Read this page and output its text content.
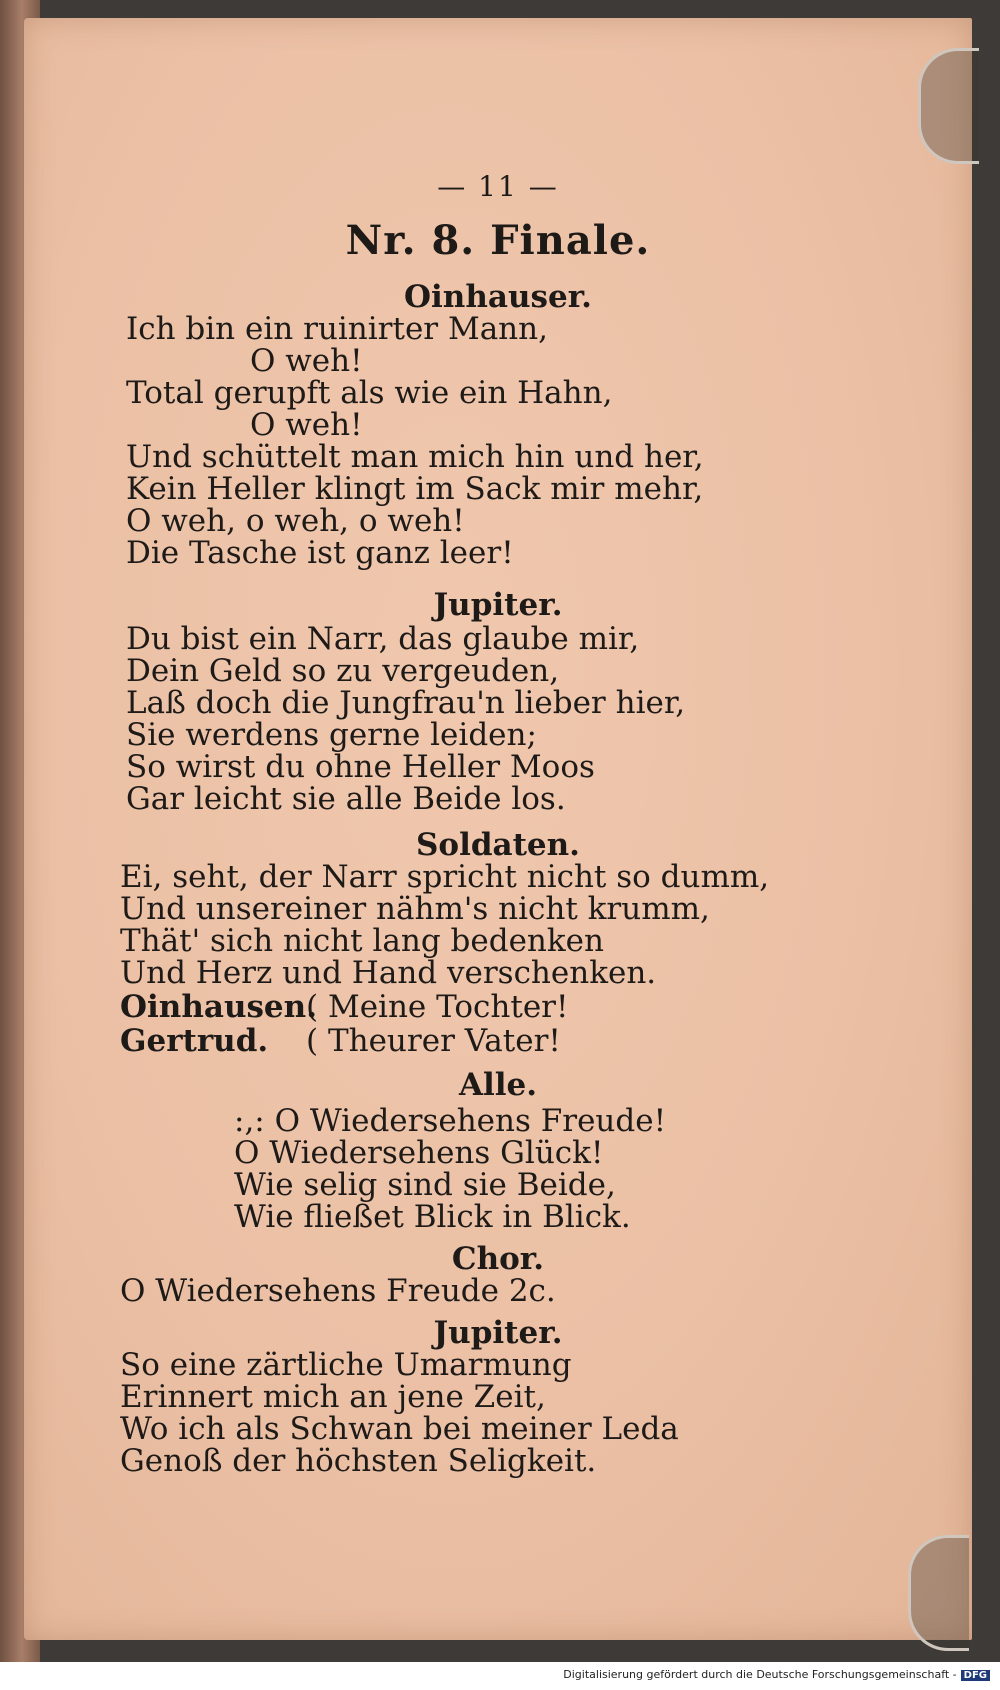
— 11 —
Nr. 8. Finale.
Oinhauser.
Ich bin ein ruinirter Mann,
O weh!
Total gerupft als wie ein Hahn,
O weh!
Und schüttelt man mich hin und her,
Kein Heller klingt im Sack mir mehr,
O weh, o weh, o weh!
Die Tasche ist ganz leer!
Jupiter.
Du bist ein Narr, das glaube mir,
Dein Geld so zu vergeuden,
Laß doch die Jungfrau'n lieber hier,
Sie werdens gerne leiden;
So wirst du ohne Heller Moos
Gar leicht sie alle Beide los.
Soldaten.
Ei, seht, der Narr spricht nicht so dumm,
Und unsereiner nähm's nicht krumm,
Thät' sich nicht lang bedenken
Und Herz und Hand verschenken.
Oinhausen.
( Meine Tochter!
Gertrud. ( Theurer Vater!
Alle.
:,: O Wiedersehens Freude!
O Wiedersehens Glück!
Wie selig sind sie Beide,
Wie fließet Blick in Blick.
Chor.
O Wiedersehens Freude 2c.
Jupiter.
So eine zärtliche Umarmung
Erinnert mich an jene Zeit,
Wo ich als Schwan bei meiner Leda
Genoß der höchsten Seligkeit.
Digitalisierung gefördert durch die Deutsche Forschungsgemeinschaft - DFG
